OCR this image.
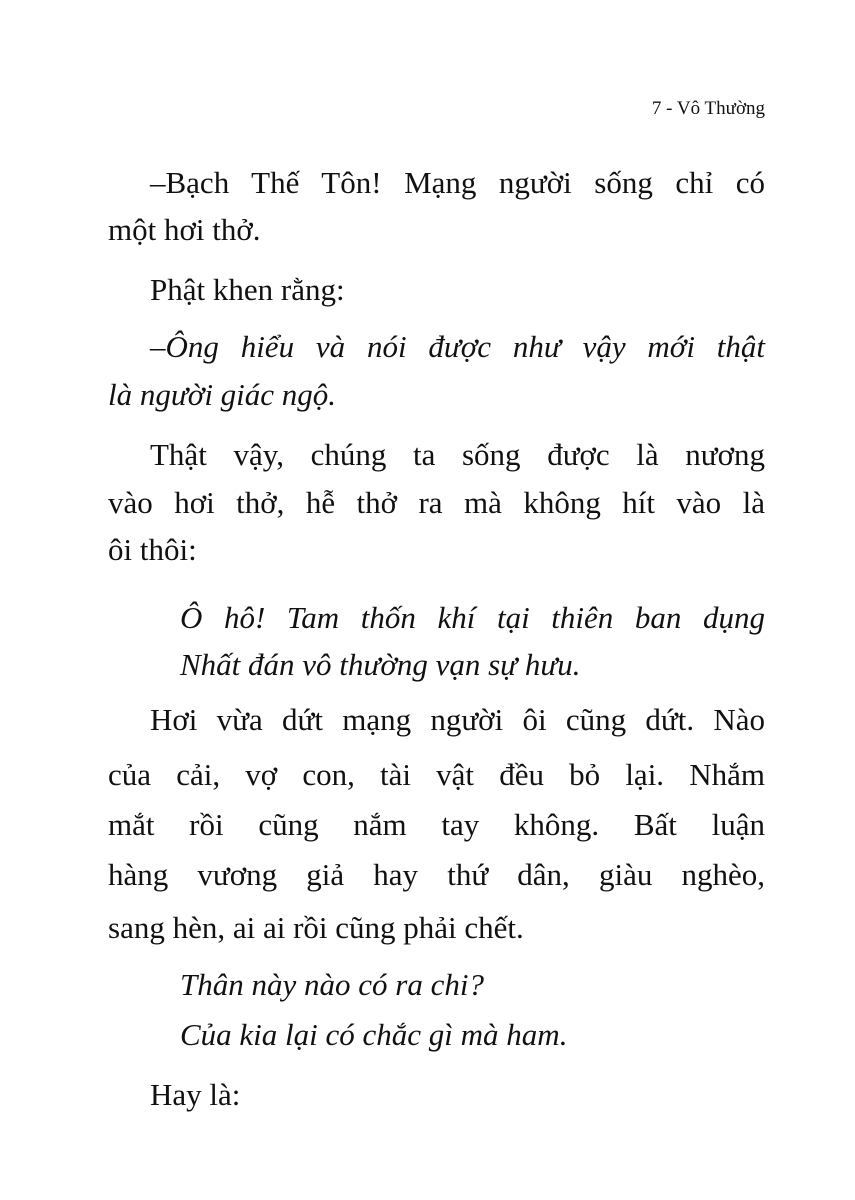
7 - Vô Thường
–Bạch Thế Tôn! Mạng người sống chỉ có
một hơi thở.
Phật khen rằng:
–Ông hiểu và nói được như vậy mới thật
là người giác ngộ.
Thật vậy, chúng ta sống được là nương
vào hơi thở, hễ thở ra mà không hít vào là
ôi thôi:
Ô hô! Tam thốn khí tại thiên ban dụng
Nhất đán vô thường vạn sự hưu.
Hơi vừa dứt mạng người ôi cũng dứt. Nào
của cải, vợ con, tài vật đều bỏ lại. Nhắm
mắt rồi cũng nắm tay không. Bất luận
hàng vương giả hay thứ dân, giàu nghèo,
sang hèn, ai ai rồi cũng phải chết.
Thân này nào có ra chi?
Của kia lại có chắc gì mà ham.
Hay là:
